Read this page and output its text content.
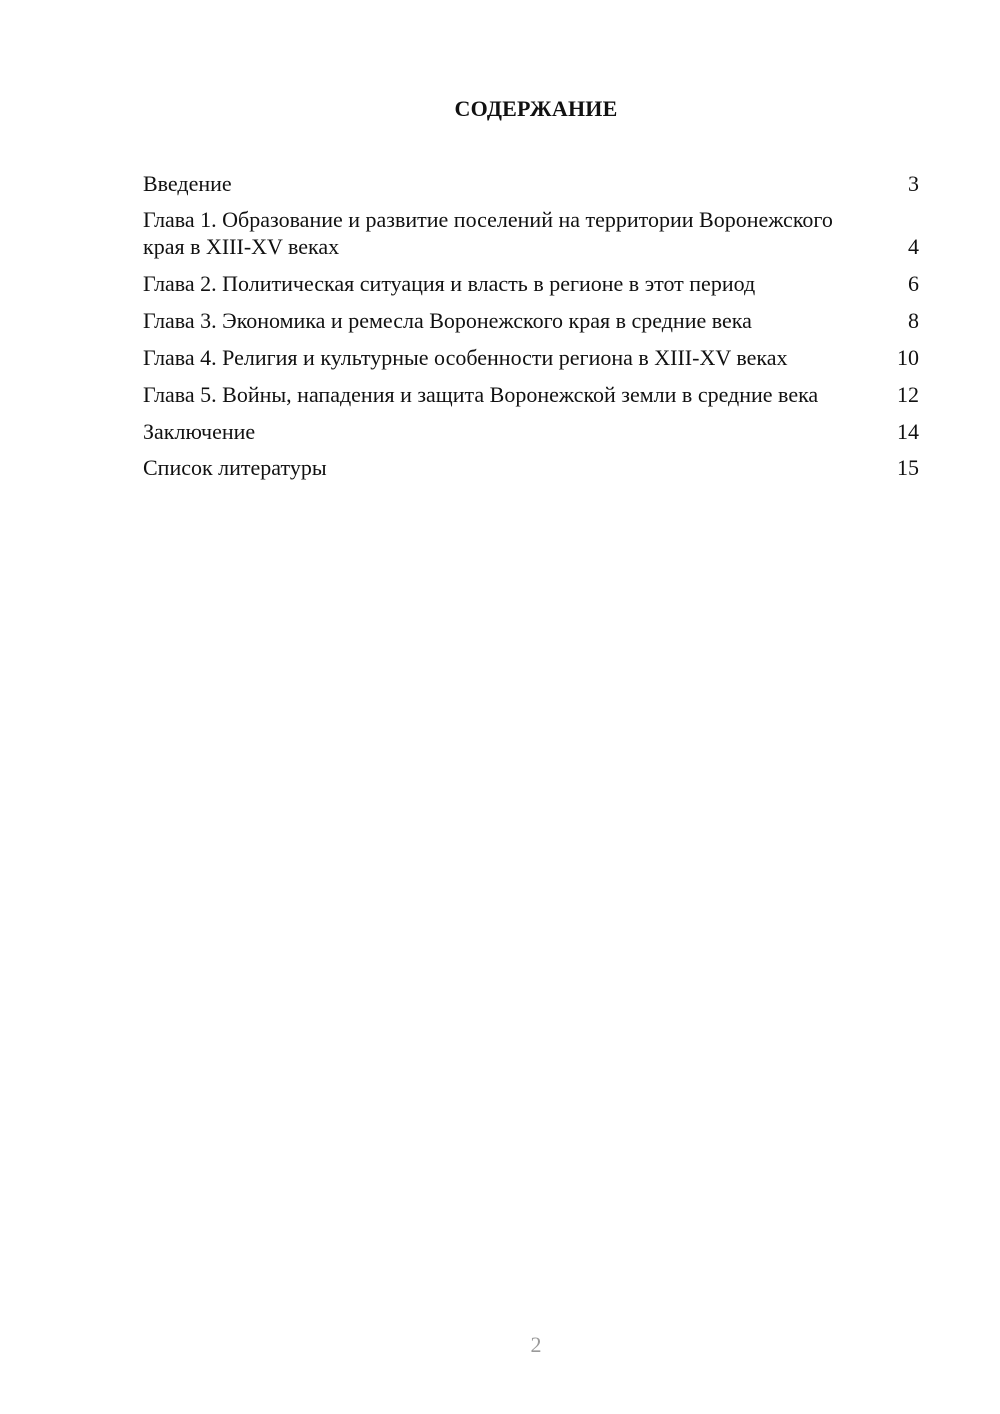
СОДЕРЖАНИЕ
Введение	3
Глава 1. Образование и развитие поселений на территории Воронежского края в XIII-XV веках	4
Глава 2. Политическая ситуация и власть в регионе в этот период	6
Глава 3. Экономика и ремесла Воронежского края в средние века	8
Глава 4. Религия и культурные особенности региона в XIII-XV веках	10
Глава 5. Войны, нападения и защита Воронежской земли в средние века	12
Заключение	14
Список литературы	15
2
